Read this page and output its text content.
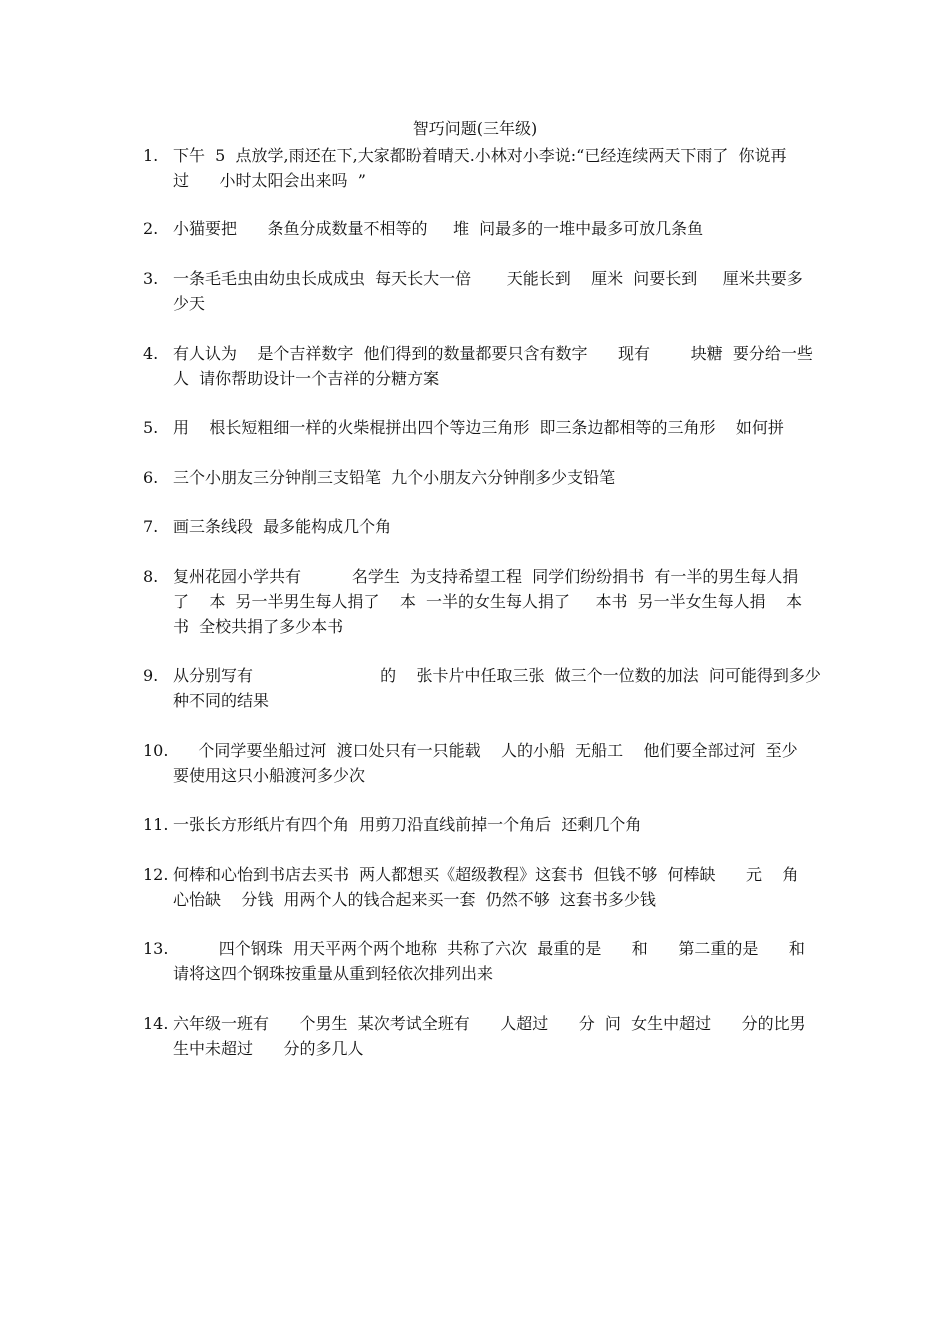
智巧问题(三年级)
1. 下午  5  点放学,雨还在下,大家都盼着晴天.小林对小李说:“已经连续两天下雨了  你说再
过      小时太阳会出来吗  ”
2. 小猫要把      条鱼分成数量不相等的     堆  问最多的一堆中最多可放几条鱼
3. 一条毛毛虫由幼虫长成成虫  每天长大一倍       天能长到    厘米  问要长到     厘米共要多
少天
4. 有人认为    是个吉祥数字  他们得到的数量都要只含有数字      现有        块糖  要分给一些
人  请你帮助设计一个吉祥的分糖方案
5. 用    根长短粗细一样的火柴棍拼出四个等边三角形  即三条边都相等的三角形    如何拼
6. 三个小朋友三分钟削三支铅笔  九个小朋友六分钟削多少支铅笔
7. 画三条线段  最多能构成几个角
8. 复州花园小学共有          名学生  为支持希望工程  同学们纷纷捐书  有一半的男生每人捐
了    本  另一半男生每人捐了    本  一半的女生每人捐了     本书  另一半女生每人捐    本
书  全校共捐了多少本书
9. 从分别写有                         的    张卡片中任取三张  做三个一位数的加法  问可能得到多少
种不同的结果
10. 个同学要坐船过河  渡口处只有一只能载    人的小船  无船工    他们要全部过河  至少
要使用这只小船渡河多少次
11. 一张长方形纸片有四个角  用剪刀沿直线前掉一个角后  还剩几个角
12. 何棒和心怡到书店去买书  两人都想买《超级教程》这套书  但钱不够  何棒缺      元    角
心怡缺    分钱  用两个人的钱合起来买一套  仍然不够  这套书多少钱
13. 四个钢珠  用天平两个两个地称  共称了六次  最重的是      和      第二重的是      和
请将这四个钢珠按重量从重到轻依次排列出来
14. 六年级一班有      个男生  某次考试全班有      人超过      分  问  女生中超过      分的比男
生中未超过      分的多几人
